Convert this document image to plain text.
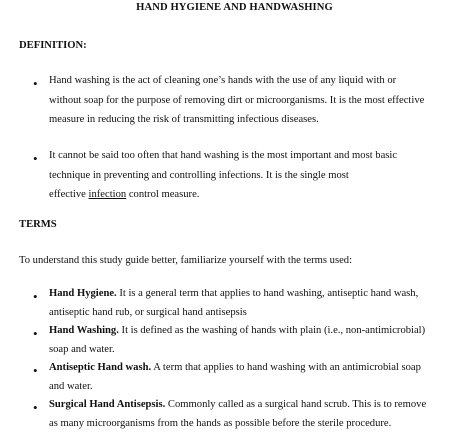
HAND HYGIENE AND HANDWASHING
DEFINITION:
• Hand washing is the act of cleaning one’s hands with the use of any liquid with or
without soap for the purpose of removing dirt or microorganisms. It is the most effective
measure in reducing the risk of transmitting infectious diseases.
• It cannot be said too often that hand washing is the most important and most basic
technique in preventing and controlling infections. It is the single most
effective infection control measure.
TERMS
To understand this study guide better, familiarize yourself with the terms used:
• Hand Hygiene. It is a general term that applies to hand washing, antiseptic hand wash,
antiseptic hand rub, or surgical hand antisepsis
• Hand Washing. It is defined as the washing of hands with plain (i.e., non-antimicrobial)
soap and water.
• Antiseptic Hand wash. A term that applies to hand washing with an antimicrobial soap
and water.
• Surgical Hand Antisepsis. Commonly called as a surgical hand scrub. This is to remove
as many microorganisms from the hands as possible before the sterile procedure.
